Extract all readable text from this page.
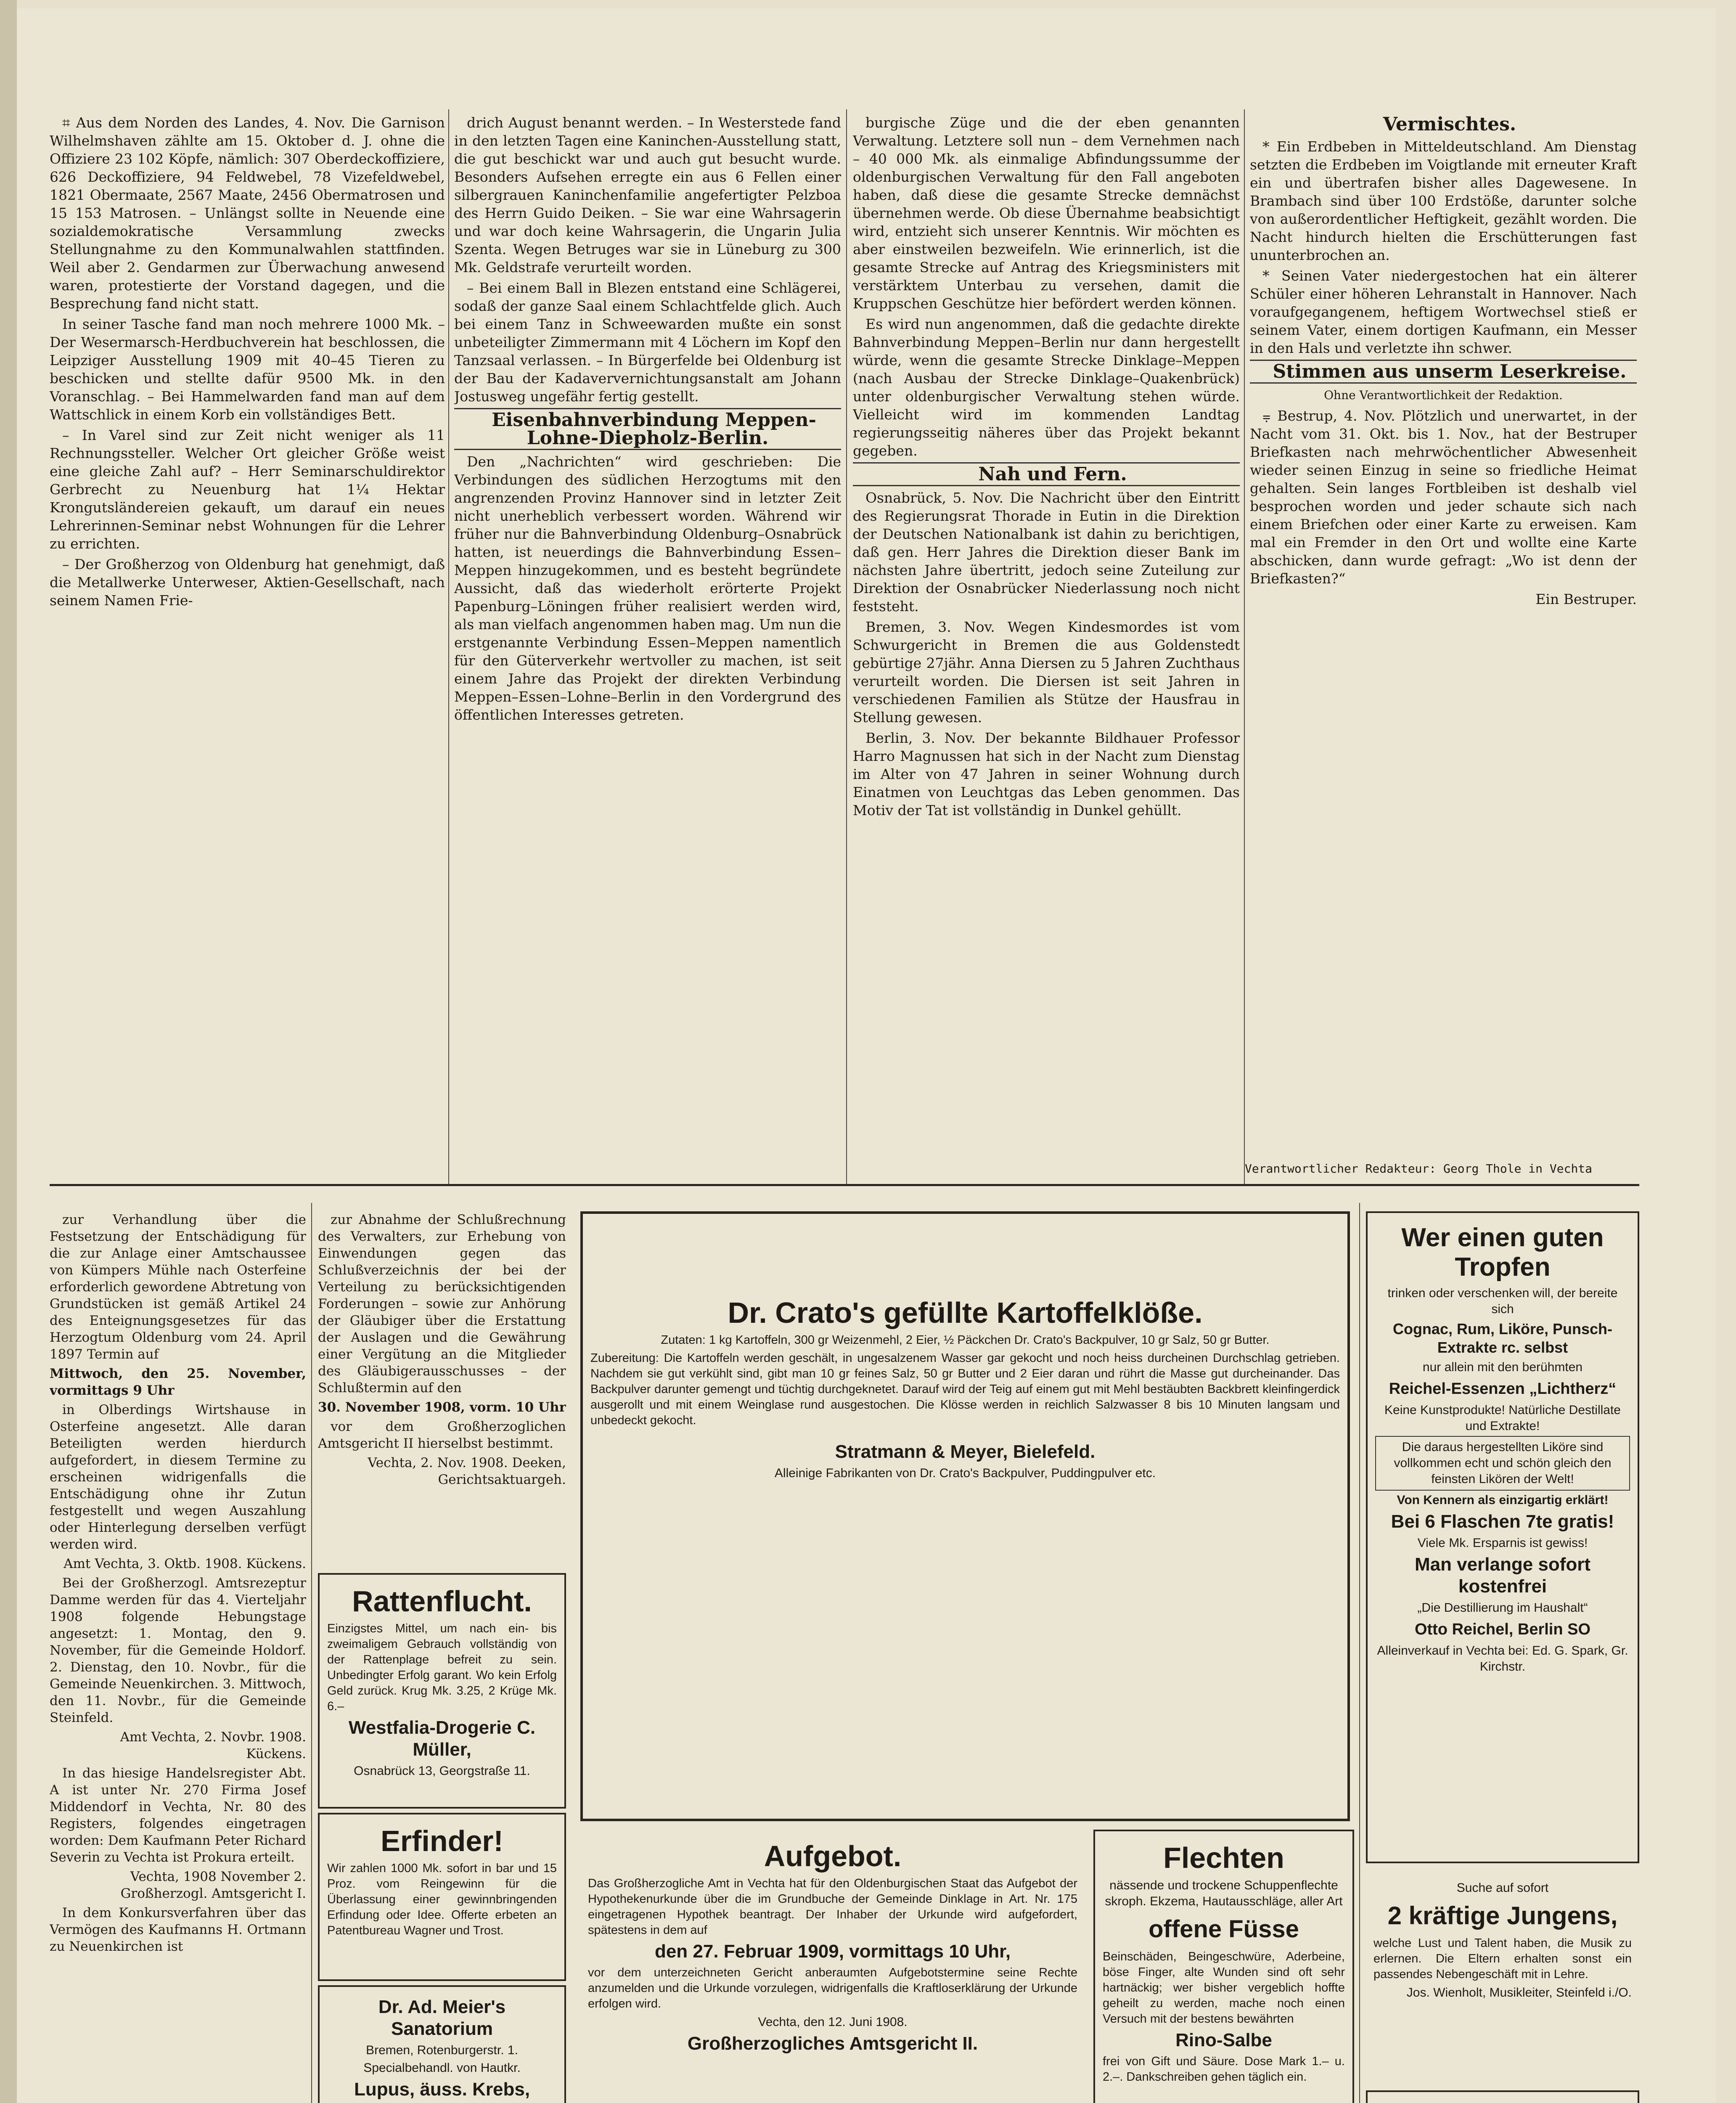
⌗ Aus dem Norden des Landes, 4. Nov. Die Garnison Wilhelmshaven zählte am 15. Oktober d. J. ohne die Offiziere 23 102 Köpfe, nämlich: 307 Oberdeckoffiziere, 626 Deckoffiziere, 94 Feldwebel, 78 Vizefeldwebel, 1821 Obermaate, 2567 Maate, 2456 Obermatrosen und 15 153 Matrosen. – Unlängst sollte in Neuende eine sozialdemokratische Versammlung zwecks Stellungnahme zu den Kommunalwahlen stattfinden. Weil aber 2. Gendarmen zur Überwachung anwesend waren, protestierte der Vorstand dagegen, und die Besprechung fand nicht statt.

In seiner Tasche fand man noch mehrere 1000 Mk. – Der Wesermarsch-Herdbuchverein hat beschlossen, die Leipziger Ausstellung 1909 mit 40–45 Tieren zu beschicken und stellte dafür 9500 Mk. in den Voranschlag. – Bei Hammelwarden fand man auf dem Wattschlick in einem Korb ein vollständiges Bett.

– In Varel sind zur Zeit nicht weniger als 11 Rechnungssteller. Welcher Ort gleicher Größe weist eine gleiche Zahl auf? – Herr Seminarschuldirektor Gerbrecht zu Neuenburg hat 1¼ Hektar Krongutsländereien gekauft, um darauf ein neues Lehrerinnen-Seminar nebst Wohnungen für die Lehrer zu errichten.

– Der Großherzog von Oldenburg hat genehmigt, daß die Metallwerke Unterweser, Aktien-Gesellschaft, nach seinem Namen Frie-

drich August benannt werden. – In Westerstede fand in den letzten Tagen eine Kaninchen-Ausstellung statt, die gut beschickt war und auch gut besucht wurde. Besonders Aufsehen erregte ein aus 6 Fellen einer silbergrauen Kaninchenfamilie angefertigter Pelzboa des Herrn Guido Deiken. – Sie war eine Wahrsagerin und war doch keine Wahrsagerin, die Ungarin Julia Szenta. Wegen Betruges war sie in Lüneburg zu 300 Mk. Geldstrafe verurteilt worden.

– Bei einem Ball in Blezen entstand eine Schlägerei, sodaß der ganze Saal einem Schlachtfelde glich. Auch bei einem Tanz in Schweewarden mußte ein sonst unbeteiligter Zimmermann mit 4 Löchern im Kopf den Tanzsaal verlassen. – In Bürgerfelde bei Oldenburg ist der Bau der Kadaververnichtungsanstalt am Johann Jostusweg ungefähr fertig gestellt.

Eisenbahnverbindung Meppen-Lohne-Diepholz-Berlin.

Den „Nachrichten“ wird geschrieben: Die Verbindungen des südlichen Herzogtums mit den angrenzenden Provinz Hannover sind in letzter Zeit nicht unerheblich verbessert worden. Während wir früher nur die Bahnverbindung Oldenburg–Osnabrück hatten, ist neuerdings die Bahnverbindung Essen–Meppen hinzugekommen, und es besteht begründete Aussicht, daß das wiederholt erörterte Projekt Papenburg–Löningen früher realisiert werden wird, als man vielfach angenommen haben mag. Um nun die erstgenannte Verbindung Essen–Meppen namentlich für den Güterverkehr wertvoller zu machen, ist seit einem Jahre das Projekt der direkten Verbindung Meppen–Essen–Lohne–Berlin in den Vordergrund des öffentlichen Interesses getreten.

burgische Züge und die der eben genannten Verwaltung. Letztere soll nun – dem Vernehmen nach – 40 000 Mk. als einmalige Abfindungssumme der oldenburgischen Verwaltung für den Fall angeboten haben, daß diese die gesamte Strecke demnächst übernehmen werde. Ob diese Übernahme beabsichtigt wird, entzieht sich unserer Kenntnis. Wir möchten es aber einstweilen bezweifeln. Wie erinnerlich, ist die gesamte Strecke auf Antrag des Kriegsministers mit verstärktem Unterbau zu versehen, damit die Kruppschen Geschütze hier befördert werden können.

Es wird nun angenommen, daß die gedachte direkte Bahnverbindung Meppen–Berlin nur dann hergestellt würde, wenn die gesamte Strecke Dinklage–Meppen (nach Ausbau der Strecke Dinklage–Quakenbrück) unter oldenburgischer Verwaltung stehen würde. Vielleicht wird im kommenden Landtag regierungsseitig näheres über das Projekt bekannt gegeben.

Nah und Fern.

Osnabrück, 5. Nov. Die Nachricht über den Eintritt des Regierungsrat Thorade in Eutin in die Direktion der Deutschen Nationalbank ist dahin zu berichtigen, daß gen. Herr Jahres die Direktion dieser Bank im nächsten Jahre übertritt, jedoch seine Zuteilung zur Direktion der Osnabrücker Niederlassung noch nicht feststeht.

Bremen, 3. Nov. Wegen Kindesmordes ist vom Schwurgericht in Bremen die aus Goldenstedt gebürtige 27jähr. Anna Diersen zu 5 Jahren Zuchthaus verurteilt worden. Die Diersen ist seit Jahren in verschiedenen Familien als Stütze der Hausfrau in Stellung gewesen.

Berlin, 3. Nov. Der bekannte Bildhauer Professor Harro Magnussen hat sich in der Nacht zum Dienstag im Alter von 47 Jahren in seiner Wohnung durch Einatmen von Leuchtgas das Leben genommen. Das Motiv der Tat ist vollständig in Dunkel gehüllt.

Vermischtes.

* Ein Erdbeben in Mitteldeutschland. Am Dienstag setzten die Erdbeben im Voigtlande mit erneuter Kraft ein und übertrafen bisher alles Dagewesene. In Brambach sind über 100 Erdstöße, darunter solche von außerordentlicher Heftigkeit, gezählt worden. Die Nacht hindurch hielten die Erschütterungen fast ununterbrochen an.

* Seinen Vater niedergestochen hat ein älterer Schüler einer höheren Lehranstalt in Hannover. Nach voraufgegangenem, heftigem Wortwechsel stieß er seinem Vater, einem dortigen Kaufmann, ein Messer in den Hals und verletzte ihn schwer.

Stimmen aus unserm Leserkreise.

Ohne Verantwortlichkeit der Redaktion.

⩦ Bestrup, 4. Nov. Plötzlich und unerwartet, in der Nacht vom 31. Okt. bis 1. Nov., hat der Bestruper Briefkasten nach mehrwöchentlicher Abwesenheit wieder seinen Einzug in seine so friedliche Heimat gehalten. Sein langes Fortbleiben ist deshalb viel besprochen worden und jeder schaute sich nach einem Briefchen oder einer Karte zu erweisen. Kam mal ein Fremder in den Ort und wollte eine Karte abschicken, dann wurde gefragt: „Wo ist denn der Briefkasten?“

Ein Bestruper.

Verantwortlicher Redakteur: Georg Thole in Vechta

zur Verhandlung über die Festsetzung der Entschädigung für die zur Anlage einer Amtschaussee von Kümpers Mühle nach Osterfeine erforderlich gewordene Abtretung von Grundstücken ist gemäß Artikel 24 des Enteignungsgesetzes für das Herzogtum Oldenburg vom 24. April 1897 Termin auf

Mittwoch, den 25. November, vormittags 9 Uhr

in Olberdings Wirtshause in Osterfeine angesetzt. Alle daran Beteiligten werden hierdurch aufgefordert, in diesem Termine zu erscheinen widrigenfalls die Entschädigung ohne ihr Zutun festgestellt und wegen Auszahlung oder Hinterlegung derselben verfügt werden wird.

Amt Vechta, 3. Oktb. 1908. Kückens.

Bei der Großherzogl. Amtsrezeptur Damme werden für das 4. Vierteljahr 1908 folgende Hebungstage angesetzt: 1. Montag, den 9. November, für die Gemeinde Holdorf. 2. Dienstag, den 10. Novbr., für die Gemeinde Neuenkirchen. 3. Mittwoch, den 11. Novbr., für die Gemeinde Steinfeld.

Amt Vechta, 2. Novbr. 1908. Kückens.

In das hiesige Handelsregister Abt. A ist unter Nr. 270 Firma Josef Middendorf in Vechta, Nr. 80 des Registers, folgendes eingetragen worden: Dem Kaufmann Peter Richard Severin zu Vechta ist Prokura erteilt.

Vechta, 1908 November 2. Großherzogl. Amtsgericht I.

In dem Konkursverfahren über das Vermögen des Kaufmanns H. Ortmann zu Neuenkirchen ist

zur Abnahme der Schlußrechnung des Verwalters, zur Erhebung von Einwendungen gegen das Schlußverzeichnis der bei der Verteilung zu berücksichtigenden Forderungen – sowie zur Anhörung der Gläubiger über die Erstattung der Auslagen und die Gewährung einer Vergütung an die Mitglieder des Gläubigerausschusses – der Schlußtermin auf den

30. November 1908, vorm. 10 Uhr

vor dem Großherzoglichen Amtsgericht II hierselbst bestimmt.

Vechta, 2. Nov. 1908. Deeken, Gerichtsaktuargeh.

Rattenflucht.
Einzigstes Mittel, um nach ein- bis zweimaligem Gebrauch vollständig von der Rattenplage befreit zu sein. Unbedingter Erfolg garant. Wo kein Erfolg Geld zurück. Krug Mk. 3.25, 2 Krüge Mk. 6.–
Westfalia-Drogerie C. Müller,
Osnabrück 13, Georgstraße 11.
Erfinder!
Wir zahlen 1000 Mk. sofort in bar und 15 Proz. vom Reingewinn für die Überlassung einer gewinnbringenden Erfindung oder Idee. Offerte erbeten an Patentbureau Wagner und Trost.
Dr. Ad. Meier's Sanatorium
Bremen, Rotenburgerstr. 1.
Specialbehandl. von Hautkr.
Lupus, äuss. Krebs,
Dr. Crato's gefüllte Kartoffelklöße.
Zutaten: 1 kg Kartoffeln, 300 gr Weizenmehl, 2 Eier, ½ Päckchen Dr. Crato's Backpulver, 10 gr Salz, 50 gr Butter.
Zubereitung: Die Kartoffeln werden geschält, in ungesalzenem Wasser gar gekocht und noch heiss durcheinen Durchschlag getrieben. Nachdem sie gut verkühlt sind, gibt man 10 gr feines Salz, 50 gr Butter und 2 Eier daran und rührt die Masse gut durcheinander. Das Backpulver darunter gemengt und tüchtig durchgeknetet. Darauf wird der Teig auf einem gut mit Mehl bestäubten Backbrett kleinfingerdick ausgerollt und mit einem Weinglase rund ausgestochen. Die Klösse werden in reichlich Salzwasser 8 bis 10 Minuten langsam und unbedeckt gekocht.
Stratmann & Meyer, Bielefeld.
Alleinige Fabrikanten von Dr. Crato's Backpulver, Puddingpulver etc.
Aufgebot.
Das Großherzogliche Amt in Vechta hat für den Oldenburgischen Staat das Aufgebot der Hypothekenurkunde über die im Grundbuche der Gemeinde Dinklage in Art. Nr. 175 eingetragenen Hypothek beantragt. Der Inhaber der Urkunde wird aufgefordert, spätestens in dem auf
den 27. Februar 1909, vormittags 10 Uhr,
vor dem unterzeichneten Gericht anberaumten Aufgebotstermine seine Rechte anzumelden und die Urkunde vorzulegen, widrigenfalls die Kraftloserklärung der Urkunde erfolgen wird.
Vechta, den 12. Juni 1908.
Großherzogliches Amtsgericht II.
Flechten
nässende und trockene Schuppenflechte skroph. Ekzema, Hautausschläge, aller Art
offene Füsse
Beinschäden, Beingeschwüre, Aderbeine, böse Finger, alte Wunden sind oft sehr hartnäckig; wer bisher vergeblich hoffte geheilt zu werden, mache noch einen Versuch mit der bestens bewährten
Rino-Salbe
frei von Gift und Säure. Dose Mark 1.– u. 2.–. Dankschreiben gehen täglich ein.
Wer einen guten Tropfen
trinken oder verschenken will, der bereite sich
Cognac, Rum, Liköre, Punsch-Extrakte rc. selbst
nur allein mit den berühmten
Reichel-Essenzen „Lichtherz“
Keine Kunstprodukte! Natürliche Destillate und Extrakte!
Die daraus hergestellten Liköre sind vollkommen echt und schön gleich den feinsten Likören der Welt!
Von Kennern als einzigartig erklärt!
Bei 6 Flaschen 7te gratis!
Viele Mk. Ersparnis ist gewiss!
Man verlange sofort kostenfrei
„Die Destillierung im Haushalt“
Otto Reichel, Berlin SO
Alleinverkauf in Vechta bei: Ed. G. Spark, Gr. Kirchstr.
Suche auf sofort
2 kräftige Jungens,
welche Lust und Talent haben, die Musik zu erlernen. Die Eltern erhalten sonst ein passendes Nebengeschäft mit in Lehre.
Jos. Wienholt, Musikleiter, Steinfeld i./O.
